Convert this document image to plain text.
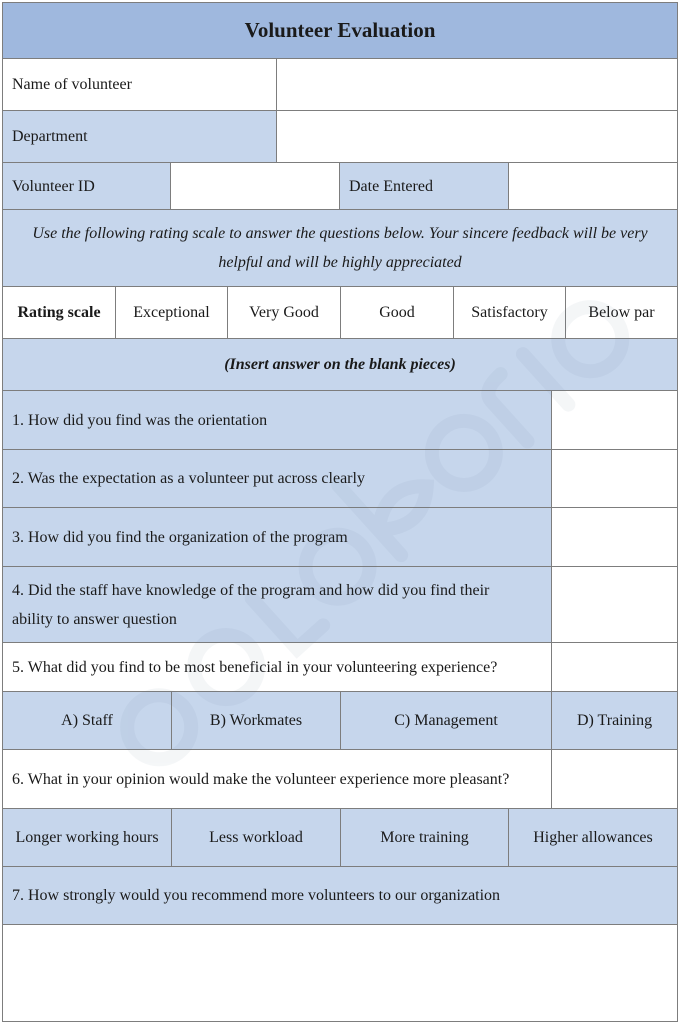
Volunteer Evaluation
Name of volunteer
Department
Volunteer ID	Date Entered
Use the following rating scale to answer the questions below. Your sincere feedback will be very helpful and will be highly appreciated
Rating scale	Exceptional	Very Good	Good	Satisfactory	Below par
(Insert answer on the blank pieces)
1. How did you find was the orientation
2. Was the expectation as a volunteer put across clearly
3. How did you find the organization of the program
4. Did the staff have knowledge of the program and how did you find their ability to answer question
5. What did you find to be most beneficial in your volunteering experience?
A) Staff	B) Workmates	C) Management	D) Training
6. What in your opinion would make the volunteer experience more pleasant?
Longer working hours	Less workload	More training	Higher allowances
7. How strongly would you recommend more volunteers to our organization
